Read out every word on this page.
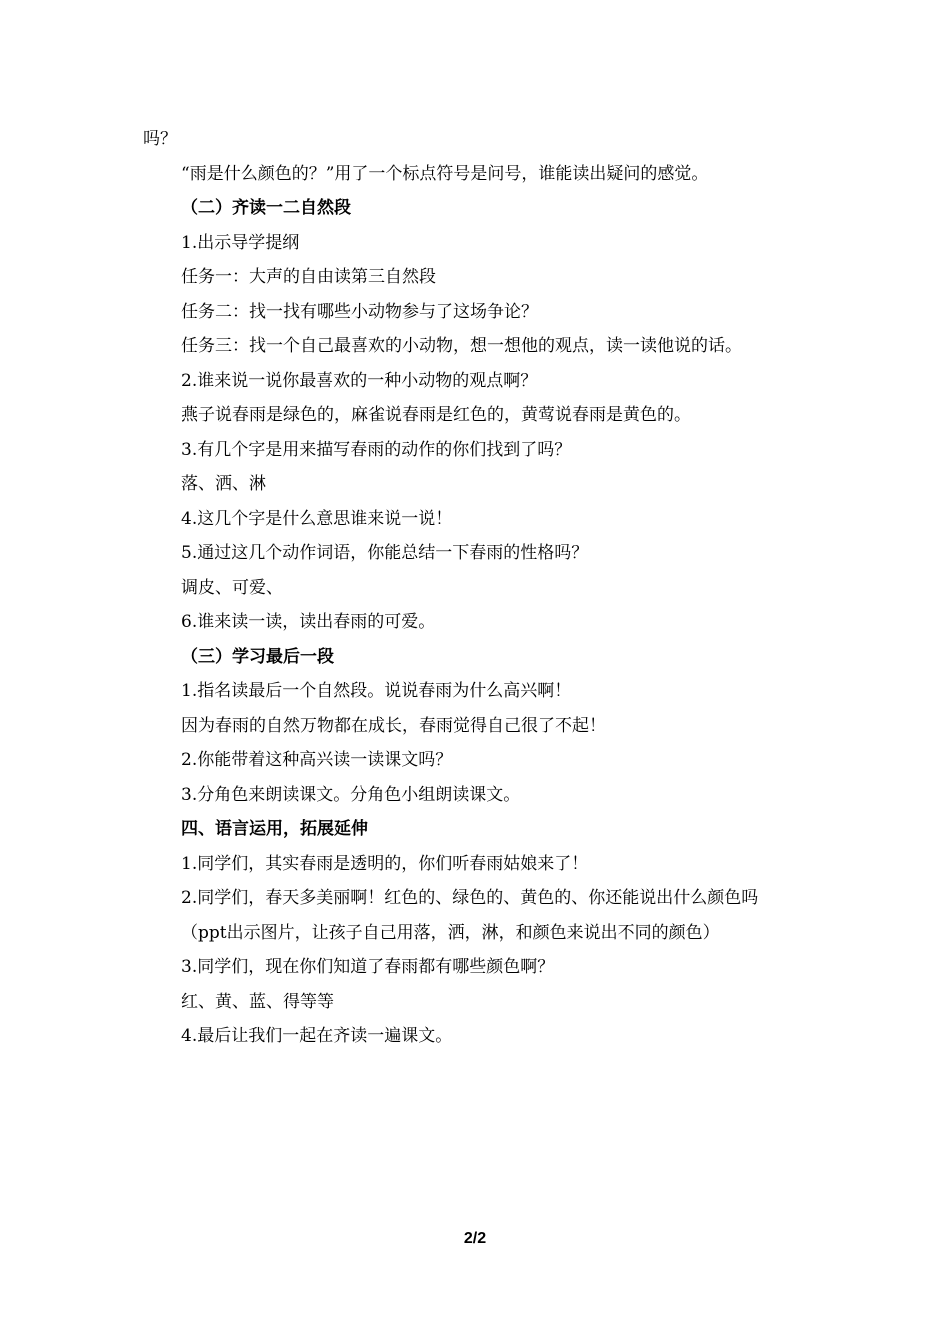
吗？
“雨是什么颜色的？”用了一个标点符号是问号，谁能读出疑问的感觉。
（二）齐读一二自然段
1.出示导学提纲
任务一：大声的自由读第三自然段
任务二：找一找有哪些小动物参与了这场争论？
任务三：找一个自己最喜欢的小动物，想一想他的观点，读一读他说的话。
2.谁来说一说你最喜欢的一种小动物的观点啊？
燕子说春雨是绿色的，麻雀说春雨是红色的，黄莺说春雨是黄色的。
3.有几个字是用来描写春雨的动作的你们找到了吗？
落、洒、淋
4.这几个字是什么意思谁来说一说！
5.通过这几个动作词语，你能总结一下春雨的性格吗？
调皮、可爱、
6.谁来读一读，读出春雨的可爱。
（三）学习最后一段
1.指名读最后一个自然段。说说春雨为什么高兴啊！
因为春雨的自然万物都在成长，春雨觉得自己很了不起！
2.你能带着这种高兴读一读课文吗？
3.分角色来朗读课文。分角色小组朗读课文。
四、语言运用，拓展延伸
1.同学们，其实春雨是透明的，你们听春雨姑娘来了！
2.同学们，春天多美丽啊！红色的、绿色的、黄色的、你还能说出什么颜色吗
（ppt出示图片，让孩子自己用落，洒，淋，和颜色来说出不同的颜色）
3.同学们，现在你们知道了春雨都有哪些颜色啊？
红、黄、蓝、得等等
4.最后让我们一起在齐读一遍课文。
2/2
